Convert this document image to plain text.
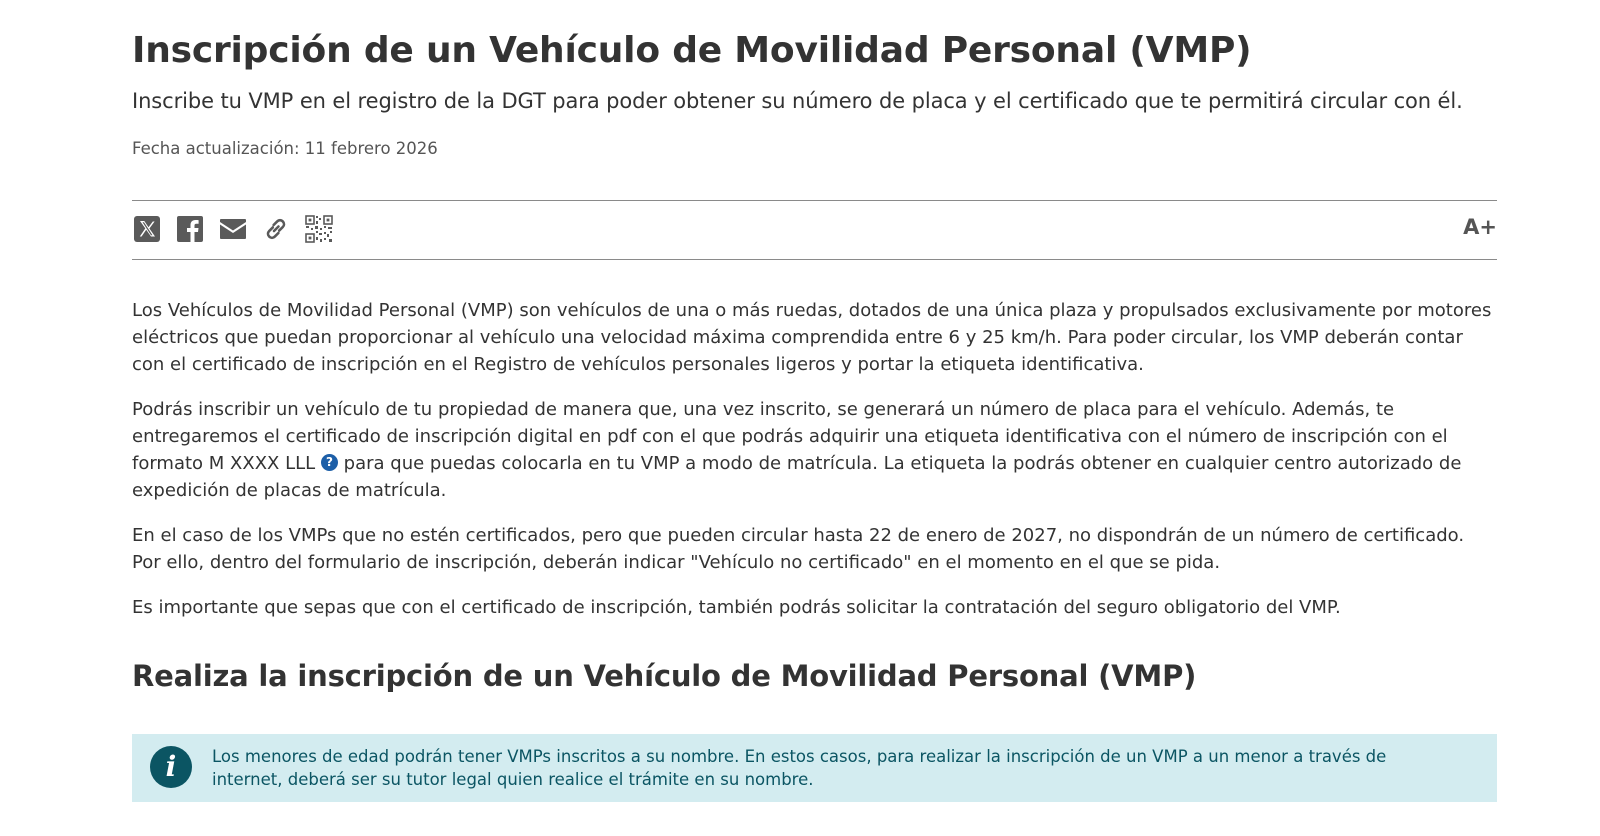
Inscripción de un Vehículo de Movilidad Personal (VMP)
Inscribe tu VMP en el registro de la DGT para poder obtener su número de placa y el certificado que te permitirá circular con él.
Fecha actualización: 11 febrero 2026
A+

Los Vehículos de Movilidad Personal (VMP) son vehículos de una o más ruedas, dotados de una única plaza y propulsados exclusivamente por motores eléctricos que puedan proporcionar al vehículo una velocidad máxima comprendida entre 6 y 25 km/h. Para poder circular, los VMP deberán contar con el certificado de inscripción en el Registro de vehículos personales ligeros y portar la etiqueta identificativa.

Podrás inscribir un vehículo de tu propiedad de manera que, una vez inscrito, se generará un número de placa para el vehículo. Además, te entregaremos el certificado de inscripción digital en pdf con el que podrás adquirir una etiqueta identificativa con el número de inscripción con el formato M XXXX LLL ? para que puedas colocarla en tu VMP a modo de matrícula. La etiqueta la podrás obtener en cualquier centro autorizado de expedición de placas de matrícula.

En el caso de los VMPs que no estén certificados, pero que pueden circular hasta 22 de enero de 2027, no dispondrán de un número de certificado. Por ello, dentro del formulario de inscripción, deberán indicar "Vehículo no certificado" en el momento en el que se pida.

Es importante que sepas que con el certificado de inscripción, también podrás solicitar la contratación del seguro obligatorio del VMP.

Realiza la inscripción de un Vehículo de Movilidad Personal (VMP)
i	Los menores de edad podrán tener VMPs inscritos a su nombre. En estos casos, para realizar la inscripción de un VMP a un menor a través de internet, deberá ser su tutor legal quien realice el trámite en su nombre.
